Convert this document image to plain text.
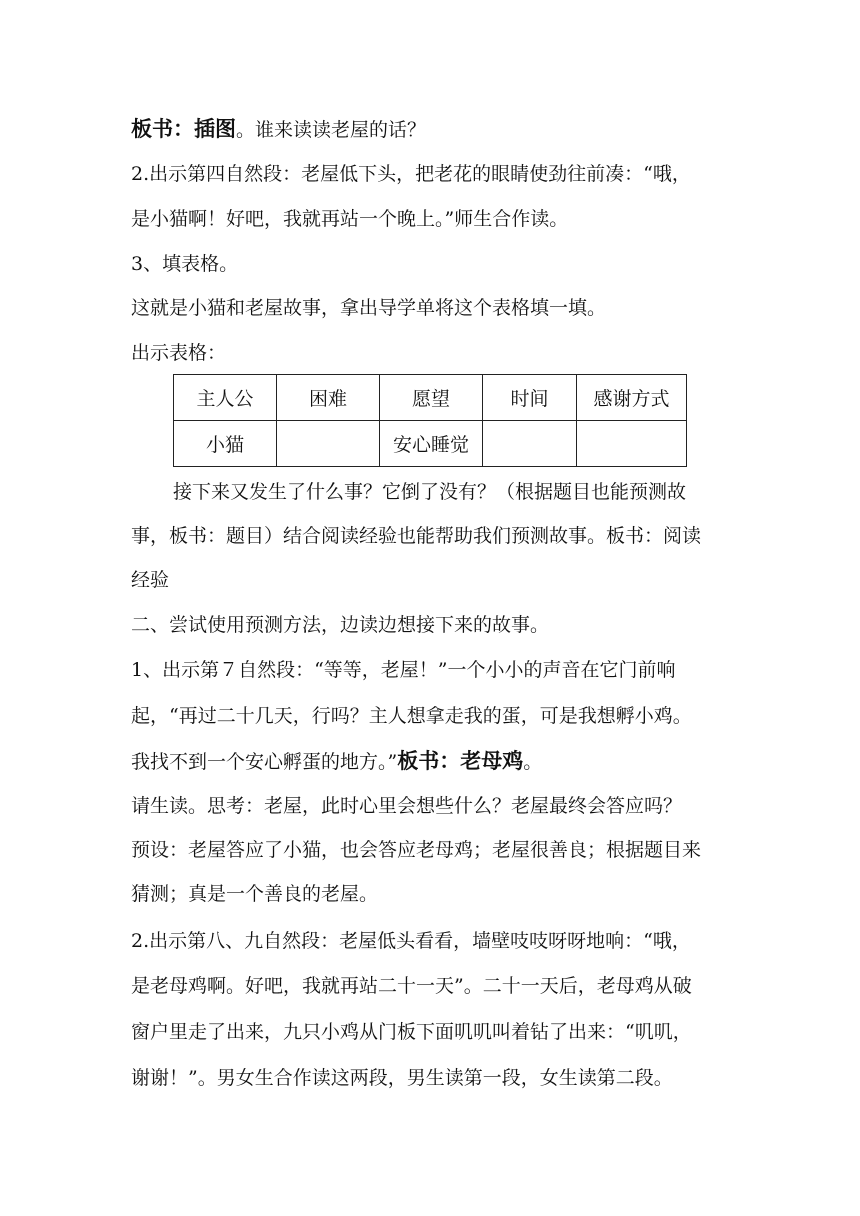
板书：插图。谁来读读老屋的话？
2.出示第四自然段：老屋低下头，把老花的眼睛使劲往前凑：“哦，
是小猫啊！好吧，我就再站一个晚上。”师生合作读。
3、填表格。
这就是小猫和老屋故事，拿出导学单将这个表格填一填。
出示表格：
主人公	困难	愿望	时间	感谢方式
小猫		安心睡觉		
接下来又发生了什么事？它倒了没有？（根据题目也能预测故
事，板书：题目）结合阅读经验也能帮助我们预测故事。板书：阅读
经验
二、尝试使用预测方法，边读边想接下来的故事。
1、出示第７自然段：“等等，老屋！”一个小小的声音在它门前响
起，“再过二十几天，行吗？主人想拿走我的蛋，可是我想孵小鸡。
我找不到一个安心孵蛋的地方。”板书：老母鸡。
请生读。思考：老屋，此时心里会想些什么？老屋最终会答应吗？
预设：老屋答应了小猫，也会答应老母鸡；老屋很善良；根据题目来
猜测；真是一个善良的老屋。
2.出示第八、九自然段：老屋低头看看，墙壁吱吱呀呀地响：“哦，
是老母鸡啊。好吧，我就再站二十一天”。二十一天后，老母鸡从破
窗户里走了出来，九只小鸡从门板下面叽叽叫着钻了出来：“叽叽，
谢谢！”。男女生合作读这两段，男生读第一段，女生读第二段。
